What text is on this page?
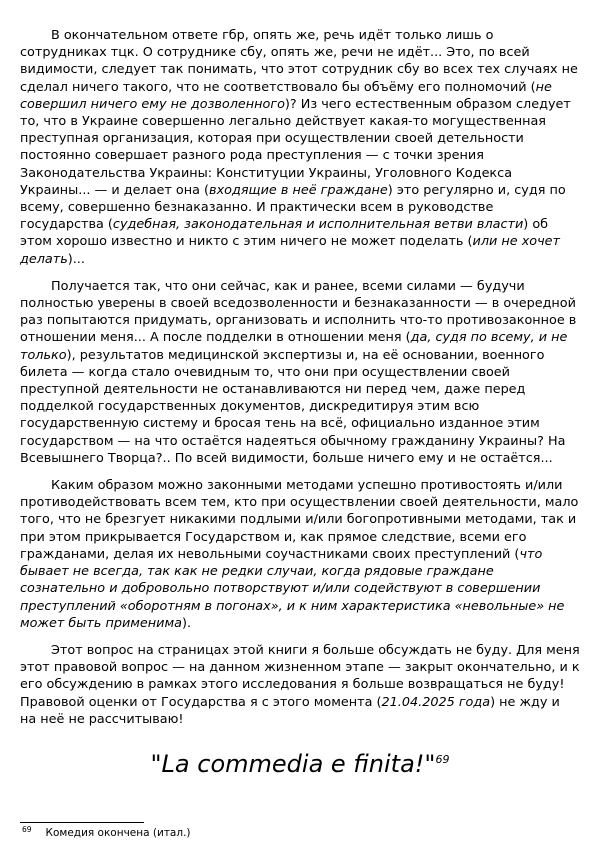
В окончательном ответе гбр, опять же, речь идёт только лишь о сотрудниках тцк. О сотруднике сбу, опять же, речи не идёт... Это, по всей видимости, следует так понимать, что этот сотрудник сбу во всех тех случаях не сделал ничего такого, что не соответствовало бы объёму его полномочий (не совершил ничего ему не дозволенного)? Из чего естественным образом следует то, что в Украине совершенно легально действует какая-то могущественная преступная организация, которая при осуществлении своей детельности постоянно совершает разного рода преступления — с точки зрения Законодательства Украины: Конституции Украины, Уголовного Кодекса Украины... — и делает она (входящие в неё граждане) это регулярно и, судя по всему, совершенно безнаказанно. И практически всем в руководстве государства (судебная, законодательная и исполнительная ветви власти) об этом хорошо известно и никто с этим ничего не может поделать (или не хочет делать)...

Получается так, что они сейчас, как и ранее, всеми силами — будучи полностью уверены в своей вседозволенности и безнаказанности — в очередной раз попытаются придумать, организовать и исполнить что-то противозаконное в отношении меня... А после подделки в отношении меня (да, судя по всему, и не только), результатов медицинской экспертизы и, на её основании, военного билета — когда стало очевидным то, что они при осуществлении своей преступной деятельности не останавливаются ни перед чем, даже перед подделкой государственных документов, дискредитируя этим всю государственную систему и бросая тень на всё, официально изданное этим государством — на что остаётся надеяться обычному гражданину Украины? На Всевышнего Творца?.. По всей видимости, больше ничего ему и не остаётся...

Каким образом можно законными методами успешно противостоять и/или противодействовать всем тем, кто при осуществлении своей деятельности, мало того, что не брезгует никакими подлыми и/или богопротивными методами, так и при этом прикрывается Государством и, как прямое следствие, всеми его гражданами, делая их невольными соучастниками своих преступлений (что бывает не всегда, так как не редки случаи, когда рядовые граждане сознательно и добровольно потворствуют и/или содействуют в совершении преступлений «оборотням в погонах», и к ним характеристика «невольные» не может быть применима).

Этот вопрос на страницах этой книги я больше обсуждать не буду. Для меня этот правовой вопрос — на данном жизненном этапе — закрыт окончательно, и к его обсуждению в рамках этого исследования я больше возвращаться не буду! Правовой оценки от Государства я с этого момента (21.04.2025 года) не жду и на неё не рассчитываю!

"La commedia e finita!"$^{69}$
$^{69}$ Комедия окончена (итал.)
